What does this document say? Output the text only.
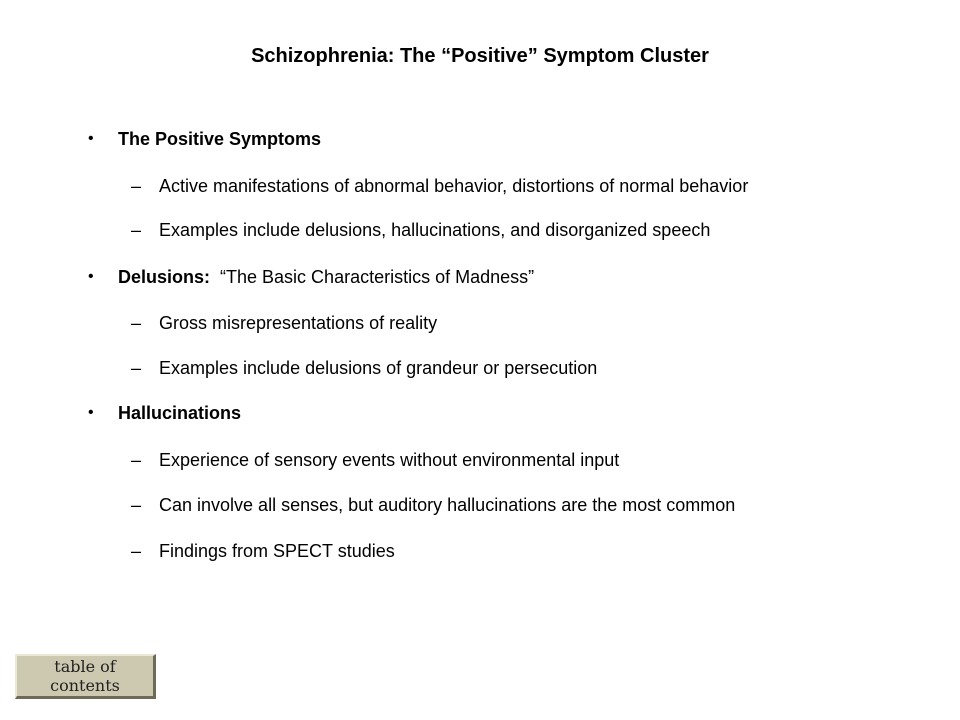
Schizophrenia: The “Positive” Symptom Cluster
• The Positive Symptoms
– Active manifestations of abnormal behavior, distortions of normal behavior
– Examples include delusions, hallucinations, and disorganized speech
• Delusions: “The Basic Characteristics of Madness”
– Gross misrepresentations of reality
– Examples include delusions of grandeur or persecution
• Hallucinations
– Experience of sensory events without environmental input
– Can involve all senses, but auditory hallucinations are the most common
– Findings from SPECT studies
table of contents
